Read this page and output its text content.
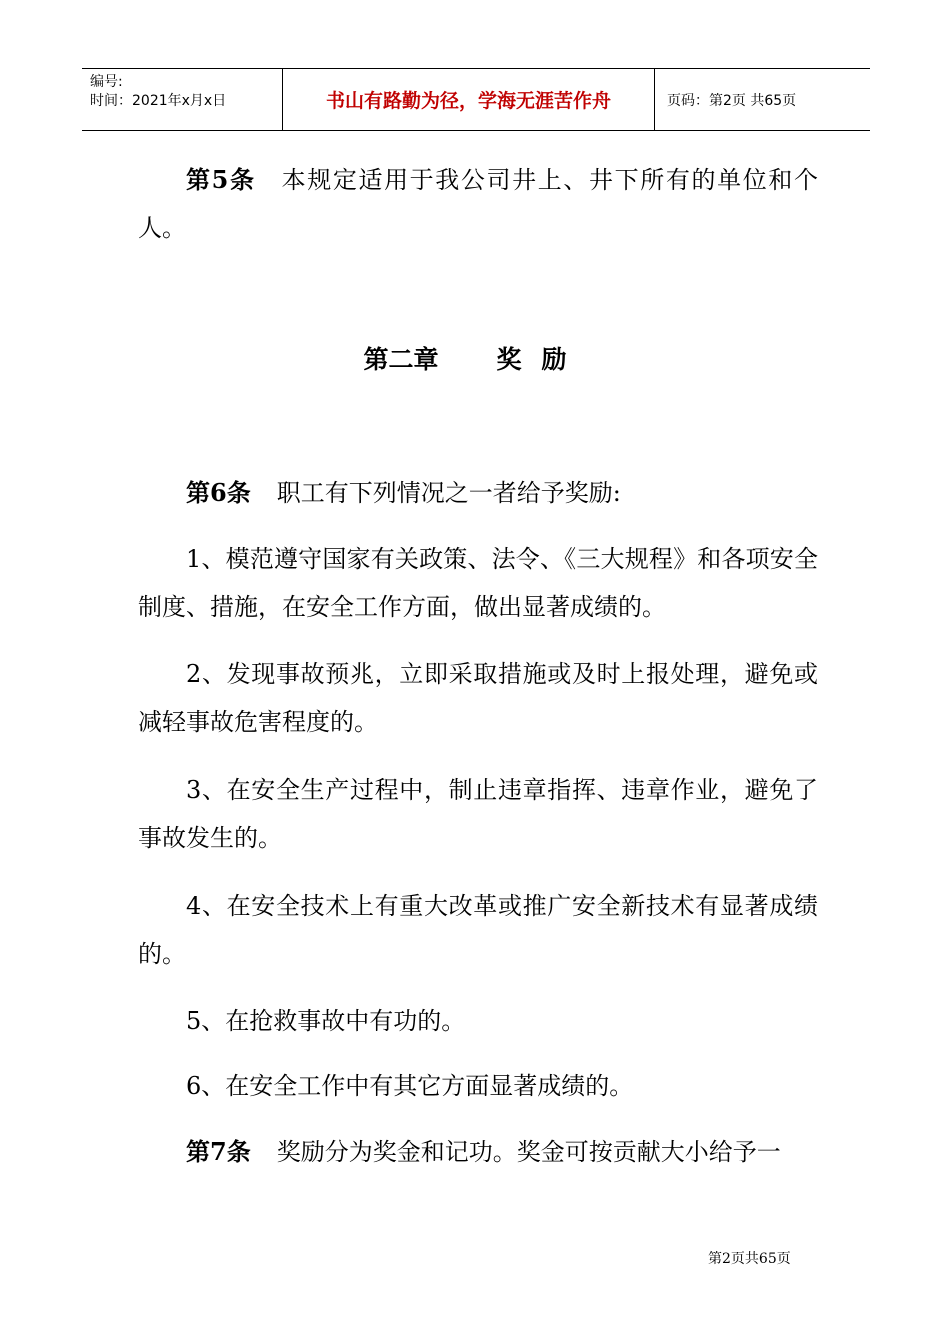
编号:
时间：2021年x月x日	书山有路勤为径，学海无涯苦作舟	页码：第2页 共65页

第5条 本规定适用于我公司井上、井下所有的单位和个人。

第二章 奖励

第6条 职工有下列情况之一者给予奖励:

1、模范遵守国家有关政策、法令、《三大规程》和各项安全制度、措施，在安全工作方面，做出显著成绩的。

2、发现事故预兆，立即采取措施或及时上报处理，避免或减轻事故危害程度的。

3、在安全生产过程中，制止违章指挥、违章作业，避免了事故发生的。

4、在安全技术上有重大改革或推广安全新技术有显著成绩的。

5、在抢救事故中有功的。

6、在安全工作中有其它方面显著成绩的。

第7条 奖励分为奖金和记功。奖金可按贡献大小给予一

第2页共65页
